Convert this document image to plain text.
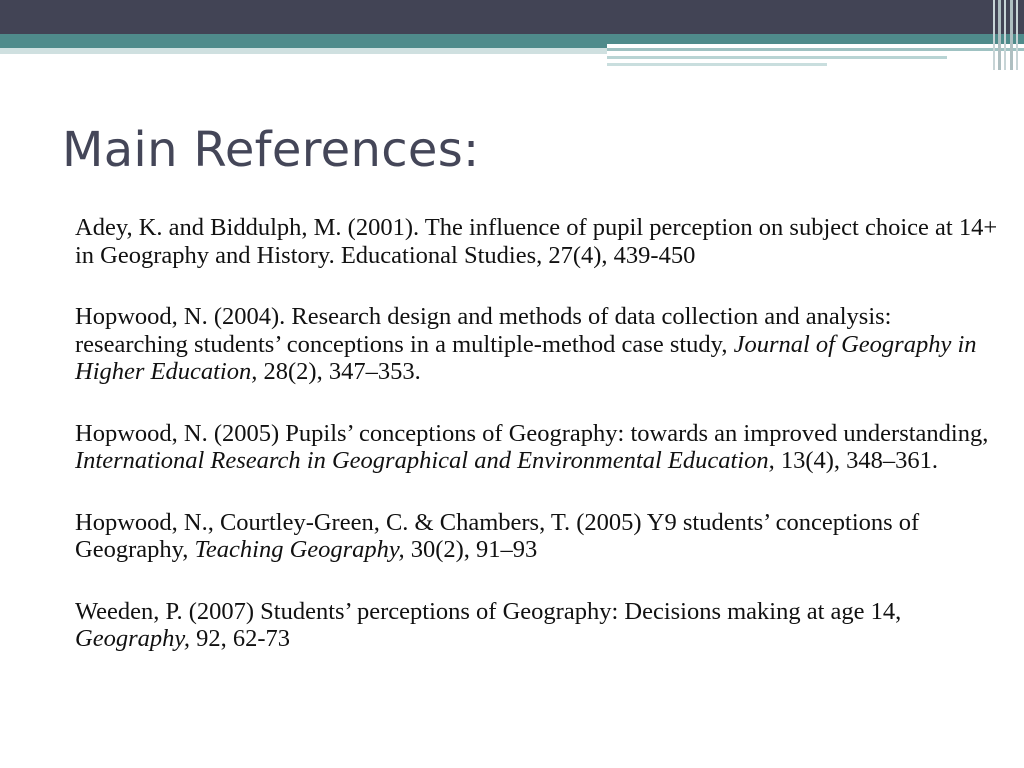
Main References:
Adey, K. and Biddulph, M. (2001). The influence of pupil perception on subject choice at 14+ in Geography and History. Educational Studies, 27(4), 439-450
Hopwood, N. (2004). Research design and methods of data collection and analysis: researching students’ conceptions in a multiple-method case study, Journal of Geography in Higher Education, 28(2), 347–353.
Hopwood, N. (2005) Pupils’ conceptions of Geography: towards an improved understanding, International Research in Geographical and Environmental Education, 13(4), 348–361.
Hopwood, N., Courtley-Green, C. & Chambers, T. (2005) Y9 students’ conceptions of Geography, Teaching Geography, 30(2), 91–93
Weeden, P. (2007) Students’ perceptions of Geography: Decisions making at age 14, Geography, 92, 62-73
